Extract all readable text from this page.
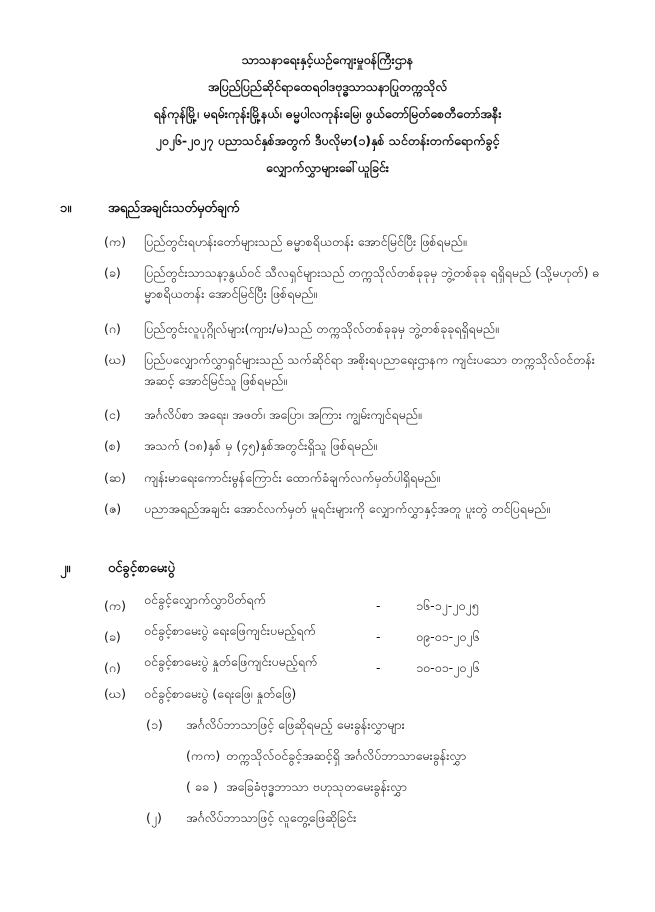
သာသနာရေးနှင့်ယဉ်ကျေးမှုဝန်ကြီးဌာန
အပြည်ပြည်ဆိုင်ရာထေရဝါဒဗုဒ္ဓသာသနာပြုတက္ကသိုလ်
ရန်ကုန်မြို့၊ မရမ်းကုန်းမြို့နယ်၊ ဓမ္မပါလကုန်းမြေ၊ ဖွယ်တော်မြတ်စေတီတော်အနီး
၂၀၂၆-၂၀၂၇ ပညာသင်နှစ်အတွက် ဒီပလိုမာ(၁)နှစ် သင်တန်းတက်ရောက်ခွင့်
လျှောက်လွှာများခေါ်ယူခြင်း
၁။	အရည်အချင်းသတ်မှတ်ချက်
(က)	ပြည်တွင်းရဟန်းတော်များသည် ဓမ္မာစရိယတန်း အောင်မြင်ပြီး ဖြစ်ရမည်။
(ခ)	ပြည်တွင်းသာသနာ့နွယ်ဝင် သီလရှင်များသည် တက္ကသိုလ်တစ်ခုခုမှ ဘွဲ့တစ်ခုခု ရရှိရမည် (သို့မဟုတ်) ဓမ္မာစရိယတန်း အောင်မြင်ပြီး ဖြစ်ရမည်။
(ဂ)	ပြည်တွင်းလူပုဂ္ဂိုလ်များ(ကျား/မ)သည် တက္ကသိုလ်တစ်ခုခုမှ ဘွဲ့တစ်ခုခုရရှိရမည်။
(ဃ)	ပြည်ပလျှောက်လွှာရှင်များသည် သက်ဆိုင်ရာ အစိုးရပညာရေးဌာနက ကျင်းပသော တက္ကသိုလ်ဝင်တန်းအဆင့် အောင်မြင်သူ ဖြစ်ရမည်။
(င)	အင်္ဂလိပ်စာ အရေး၊ အဖတ်၊ အပြော၊ အကြား ကျွမ်းကျင်ရမည်။
(စ)	အသက် (၁၈)နှစ် မှ (၄၅)နှစ်အတွင်းရှိသူ ဖြစ်ရမည်။
(ဆ)	ကျန်းမာရေးကောင်းမွန်ကြောင်း ထောက်ခံချက်လက်မှတ်ပါရှိရမည်။
(ဇ)	ပညာအရည်အချင်း အောင်လက်မှတ် မူရင်းများကို လျှောက်လွှာနှင့်အတူ ပူးတွဲ တင်ပြရမည်။
၂။	ဝင်ခွင့်စာမေးပွဲ
(က) ဝင်ခွင့်လျှောက်လွှာပိတ်ရက်	-	၁၆-၁၂-၂၀၂၅
(ခ) ဝင်ခွင့်စာမေးပွဲ ရေးဖြေကျင်းပမည့်ရက်	-	၀၉-၀၁-၂၀၂၆
(ဂ) ဝင်ခွင့်စာမေးပွဲ နှုတ်ဖြေကျင်းပမည့်ရက်	-	၁၀-၀၁-၂၀၂၆
(ဃ) ဝင်ခွင့်စာမေးပွဲ (ရေးဖြေ၊ နှုတ်ဖြေ)
(၁) အင်္ဂလိပ်ဘာသာဖြင့် ဖြေဆိုရမည့် မေးခွန်းလွှာများ
(ကက) တက္ကသိုလ်ဝင်ခွင့်အဆင့်ရှိ အင်္ဂလိပ်ဘာသာမေးခွန်းလွှာ
( ခခ ) အခြေခံဗုဒ္ဓဘာသာ ဗဟုသုတမေးခွန်းလွှာ
(၂) အင်္ဂလိပ်ဘာသာဖြင့် လူတွေ့ဖြေဆိုခြင်း
